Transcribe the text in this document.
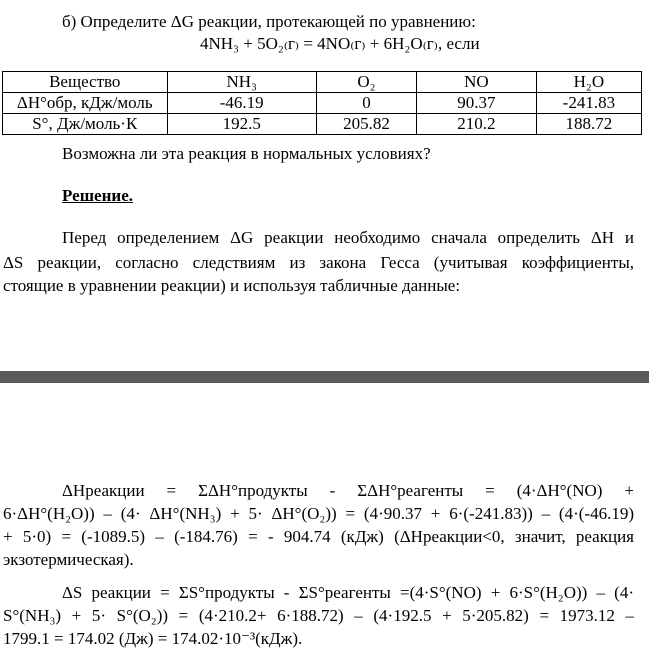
б) Определите ΔG реакции, протекающей по уравнению:
4NH₃ + 5O₂₍г₎ = 4NO₍г₎ + 6H₂O₍г₎, если
Вещество	NH₃	O₂	NO	H₂O
ΔH°обр, кДж/моль	-46.19	0	90.37	-241.83
S°, Дж/моль·К	192.5	205.82	210.2	188.72
Возможна ли эта реакция в нормальных условиях?
Решение.
Перед определением ΔG реакции необходимо сначала определить ΔH и
ΔS реакции, согласно следствиям из закона Гесса (учитывая коэффициенты,
стоящие в уравнении реакции) и используя табличные данные:
ΔHреакции = ΣΔH°продукты - ΣΔH°реагенты = (4·ΔH°(NO) +
6·ΔH°(H₂O)) – (4· ΔH°(NH₃) + 5· ΔH°(O₂)) = (4·90.37 + 6·(-241.83)) – (4·(-46.19)
+ 5·0) = (-1089.5) – (-184.76) = - 904.74 (кДж) (ΔHреакции<0, значит, реакция
экзотермическая).
ΔS реакции = ΣS°продукты - ΣS°реагенты =(4·S°(NO) + 6·S°(H₂O)) – (4·
S°(NH₃) + 5· S°(O₂)) = (4·210.2+ 6·188.72) – (4·192.5 + 5·205.82) = 1973.12 –
1799.1 = 174.02 (Дж) = 174.02·10⁻³(кДж).
